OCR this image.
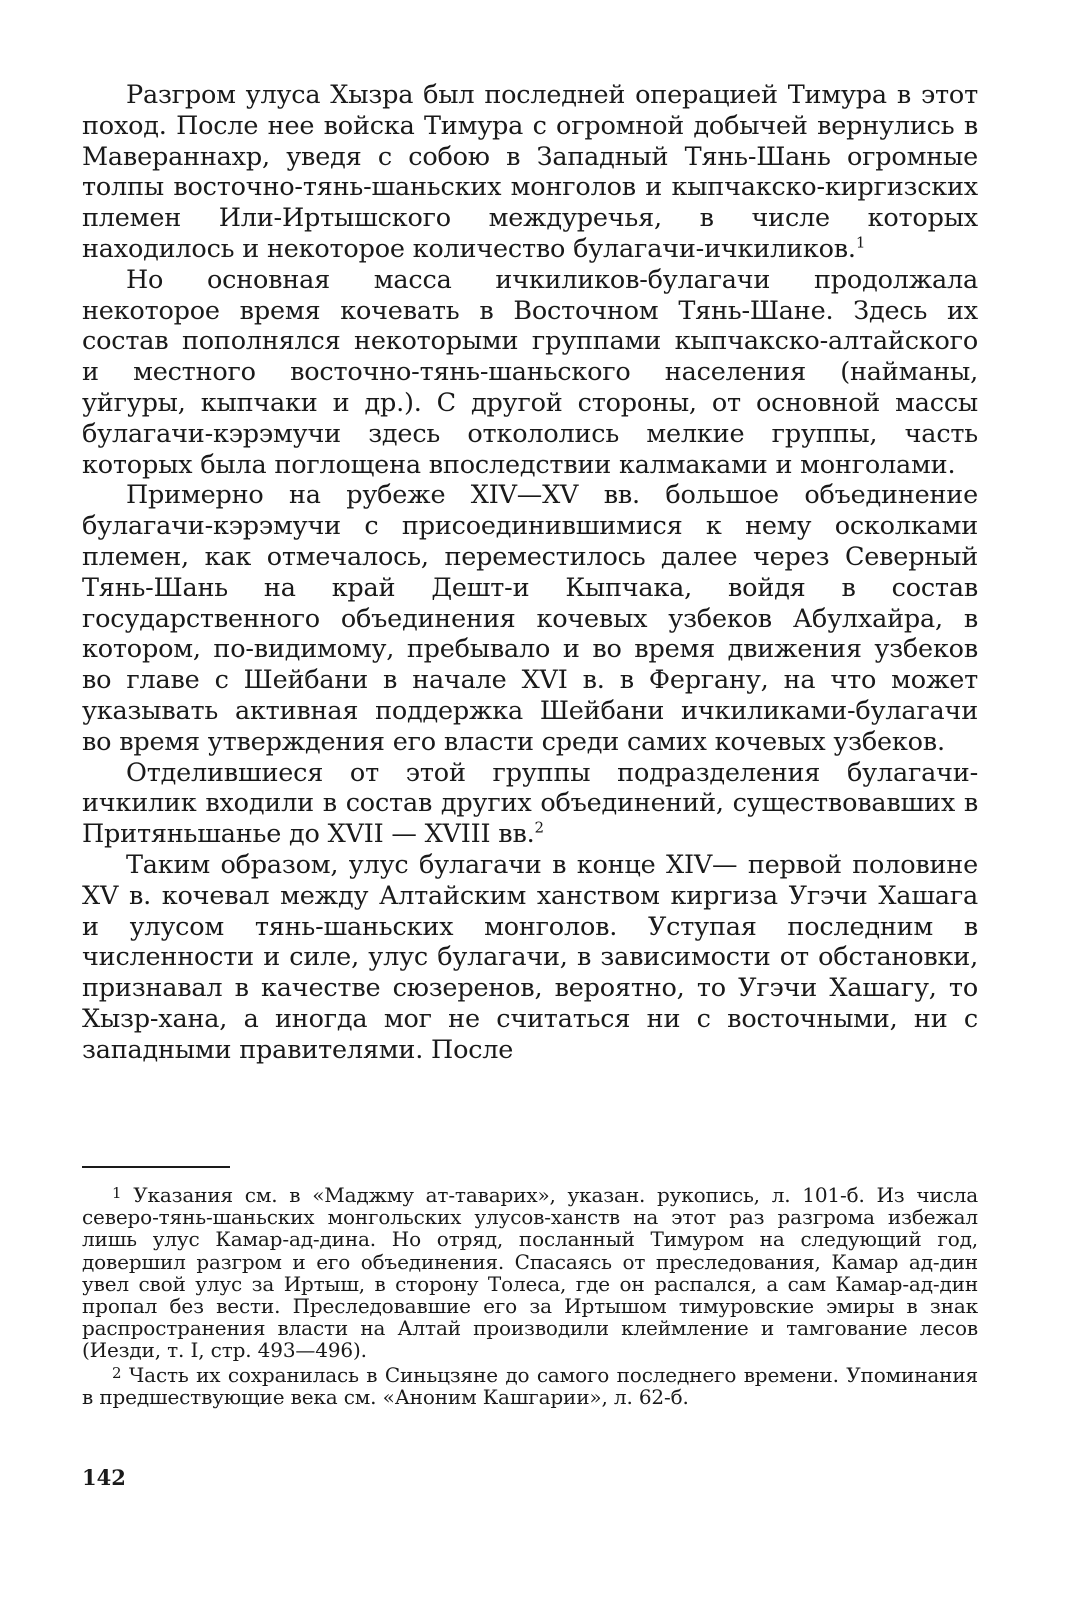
Разгром улуса Хызра был последней операцией Тимура в этот поход. После нее войска Тимура с огромной добычей вернулись в Мавераннахр, уведя с собою в Западный Тянь-Шань огромные толпы восточно-тянь-шаньских монголов и кыпчакско-киргизских племен Или-Иртышского междуречья, в числе которых находилось и некоторое количество булагачи-ичкиликов.$^1$

Но основная масса ичкиликов-булагачи продолжала некоторое время кочевать в Восточном Тянь-Шане. Здесь их состав пополнялся некоторыми группами кыпчакско-алтайского и местного восточно-тянь-шаньского населения (найманы, уйгуры, кыпчаки и др.). С другой стороны, от основной массы булагачи-кэрэмучи здесь откололись мелкие группы, часть которых была поглощена впоследствии калмаками и монголами.

Примерно на рубеже XIV—XV вв. большое объединение булагачи-кэрэмучи с присоединившимися к нему осколками племен, как отмечалось, переместилось далее через Северный Тянь-Шань на край Дешт-и Кыпчака, войдя в состав государственного объединения кочевых узбеков Абулхайра, в котором, по-видимому, пребывало и во время движения узбеков во главе с Шейбани в начале XVI в. в Фергану, на что может указывать активная поддержка Шейбани ичкиликами-булагачи во время утверждения его власти среди самих кочевых узбеков.

Отделившиеся от этой группы подразделения булагачи-ичкилик входили в состав других объединений, существовавших в Притяньшанье до XVII — XVIII вв.$^2$

Таким образом, улус булагачи в конце XIV— первой половине XV в. кочевал между Алтайским ханством киргиза Угэчи Хашага и улусом тянь-шаньских монголов. Уступая последним в численности и силе, улус булагачи, в зависимости от обстановки, признавал в качестве сюзеренов, вероятно, то Угэчи Хашагу, то Хызр-хана, а иногда мог не считаться ни с восточными, ни с западными правителями. После

$^1$ Указания см. в «Маджму ат-таварих», указан. рукопись, л. 101-б. Из числа северо-тянь-шаньских монгольских улусов-ханств на этот раз разгрома избежал лишь улус Камар-ад-дина. Но отряд, посланный Тимуром на следующий год, довершил разгром и его объединения. Спасаясь от преследования, Камар ад-дин увел свой улус за Иртыш, в сторону Толеса, где он распался, а сам Камар-ад-дин пропал без вести. Преследовавшие его за Иртышом тимуровские эмиры в знак распространения власти на Алтай производили клеймление и тамгование лесов (Иезди, т. I, стр. 493—496).

$^2$ Часть их сохранилась в Синьцзяне до самого последнего времени. Упоминания в предшествующие века см. «Аноним Кашгарии», л. 62-б.

142
